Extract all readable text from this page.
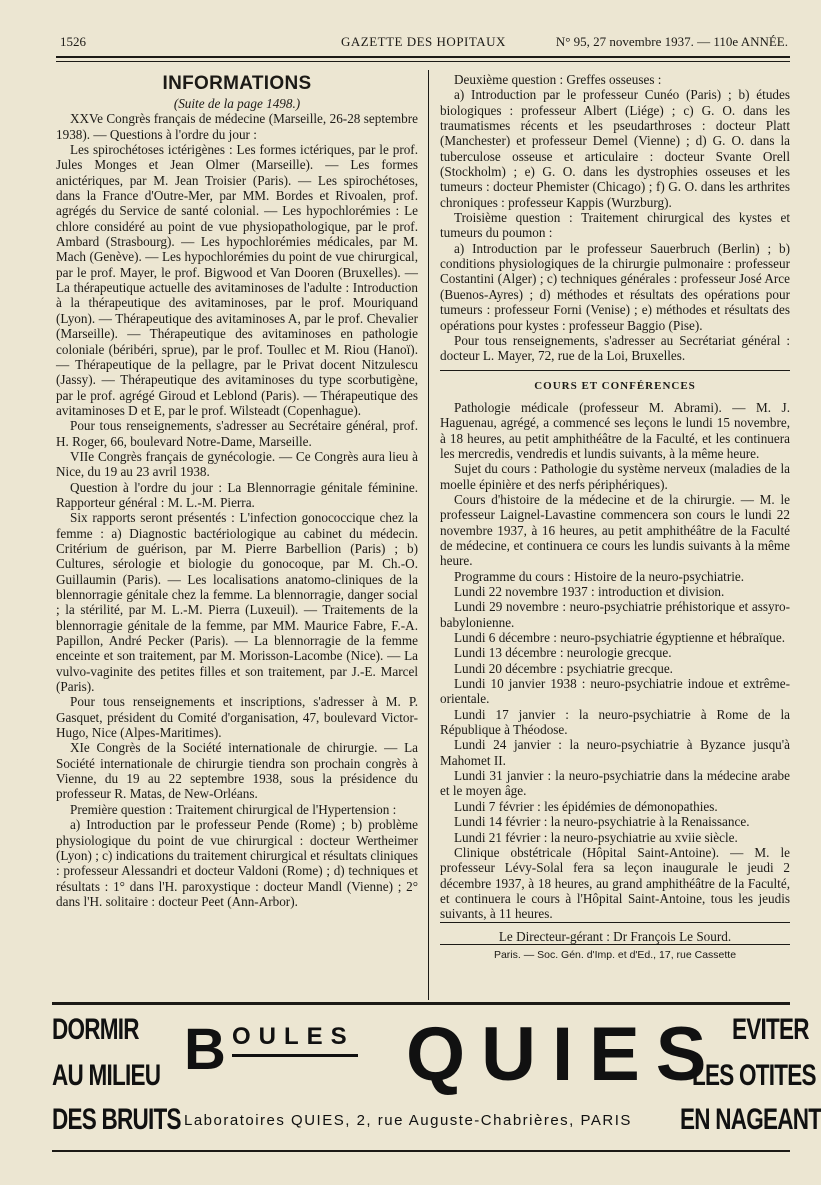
1526	GAZETTE DES HOPITAUX	N° 95, 27 novembre 1937. — 110e ANNÉE.
INFORMATIONS

(Suite de la page 1498.)

XXVe Congrès français de médecine (Marseille, 26-28 septembre 1938). — Questions à l'ordre du jour :

Les spirochétoses ictérigènes : Les formes ictériques, par le prof. Jules Monges et Jean Olmer (Marseille). — Les formes anictériques, par M. Jean Troisier (Paris). — Les spirochétoses, dans la France d'Outre-Mer, par MM. Bordes et Rivoalen, prof. agrégés du Service de santé colonial. — Les hypochlorémies : Le chlore considéré au point de vue physiopathologique, par le prof. Ambard (Strasbourg). — Les hypochlorémies médicales, par M. Mach (Genève). — Les hypochlorémies du point de vue chirurgical, par le prof. Mayer, le prof. Bigwood et Van Dooren (Bruxelles). — La thérapeutique actuelle des avitaminoses de l'adulte : Introduction à la thérapeutique des avitaminoses, par le prof. Mouriquand (Lyon). — Thérapeutique des avitaminoses A, par le prof. Chevalier (Marseille). — Thérapeutique des avitaminoses en pathologie coloniale (béribéri, sprue), par le prof. Toullec et M. Riou (Hanoï). — Thérapeutique de la pellagre, par le Privat docent Nitzulescu (Jassy). — Thérapeutique des avitaminoses du type scorbutigène, par le prof. agrégé Giroud et Leblond (Paris). — Thérapeutique des avitaminoses D et E, par le prof. Wilsteadt (Copenhague).

Pour tous renseignements, s'adresser au Secrétaire général, prof. H. Roger, 66, boulevard Notre-Dame, Marseille.

VIIe Congrès français de gynécologie. — Ce Congrès aura lieu à Nice, du 19 au 23 avril 1938.

Question à l'ordre du jour : La Blennorragie génitale féminine. Rapporteur général : M. L.-M. Pierra.

Six rapports seront présentés : L'infection gonococcique chez la femme : a) Diagnostic bactériologique au cabinet du médecin. Critérium de guérison, par M. Pierre Barbellion (Paris) ; b) Cultures, sérologie et biologie du gonocoque, par M. Ch.-O. Guillaumin (Paris). — Les localisations anatomo-cliniques de la blennorragie génitale chez la femme. La blennorragie, danger social ; la stérilité, par M. L.-M. Pierra (Luxeuil). — Traitements de la blennorragie génitale de la femme, par MM. Maurice Fabre, F.-A. Papillon, André Pecker (Paris). — La blennorragie de la femme enceinte et son traitement, par M. Morisson-Lacombe (Nice). — La vulvo-vaginite des petites filles et son traitement, par J.-E. Marcel (Paris).

Pour tous renseignements et inscriptions, s'adresser à M. P. Gasquet, président du Comité d'organisation, 47, boulevard Victor-Hugo, Nice (Alpes-Maritimes).

XIe Congrès de la Société internationale de chirurgie. — La Société internationale de chirurgie tiendra son prochain congrès à Vienne, du 19 au 22 septembre 1938, sous la présidence du professeur R. Matas, de New-Orléans.

Première question : Traitement chirurgical de l'Hypertension :

a) Introduction par le professeur Pende (Rome) ; b) problème physiologique du point de vue chirurgical : docteur Wertheimer (Lyon) ; c) indications du traitement chirurgical et résultats cliniques : professeur Alessandri et docteur Valdoni (Rome) ; d) techniques et résultats : 1° dans l'H. paroxystique : docteur Mandl (Vienne) ; 2° dans l'H. solitaire : docteur Peet (Ann-Arbor).

Deuxième question : Greffes osseuses :

a) Introduction par le professeur Cunéo (Paris) ; b) études biologiques : professeur Albert (Liége) ; c) G. O. dans les traumatismes récents et les pseudarthroses : docteur Platt (Manchester) et professeur Demel (Vienne) ; d) G. O. dans la tuberculose osseuse et articulaire : docteur Svante Orell (Stockholm) ; e) G. O. dans les dystrophies osseuses et les tumeurs : docteur Phemister (Chicago) ; f) G. O. dans les arthrites chroniques : professeur Kappis (Wurzburg).

Troisième question : Traitement chirurgical des kystes et tumeurs du poumon :

a) Introduction par le professeur Sauerbruch (Berlin) ; b) conditions physiologiques de la chirurgie pulmonaire : professeur Costantini (Alger) ; c) techniques générales : professeur José Arce (Buenos-Ayres) ; d) méthodes et résultats des opérations pour tumeurs : professeur Forni (Venise) ; e) méthodes et résultats des opérations pour kystes : professeur Baggio (Pise).

Pour tous renseignements, s'adresser au Secrétariat général : docteur L. Mayer, 72, rue de la Loi, Bruxelles.

COURS ET CONFÉRENCES

Pathologie médicale (professeur M. Abrami). — M. J. Haguenau, agrégé, a commencé ses leçons le lundi 15 novembre, à 18 heures, au petit amphithéâtre de la Faculté, et les continuera les mercredis, vendredis et lundis suivants, à la même heure.

Sujet du cours : Pathologie du système nerveux (maladies de la moelle épinière et des nerfs périphériques).

Cours d'histoire de la médecine et de la chirurgie. — M. le professeur Laignel-Lavastine commencera son cours le lundi 22 novembre 1937, à 16 heures, au petit amphithéâtre de la Faculté de médecine, et continuera ce cours les lundis suivants à la même heure.

Programme du cours : Histoire de la neuro-psychiatrie.

Lundi 22 novembre 1937 : introduction et division.

Lundi 29 novembre : neuro-psychiatrie préhistorique et assyro-babylonienne.

Lundi 6 décembre : neuro-psychiatrie égyptienne et hébraïque.

Lundi 13 décembre : neurologie grecque.

Lundi 20 décembre : psychiatrie grecque.

Lundi 10 janvier 1938 : neuro-psychiatrie indoue et extrême-orientale.

Lundi 17 janvier : la neuro-psychiatrie à Rome de la République à Théodose.

Lundi 24 janvier : la neuro-psychiatrie à Byzance jusqu'à Mahomet II.

Lundi 31 janvier : la neuro-psychiatrie dans la médecine arabe et le moyen âge.

Lundi 7 février : les épidémies de démonopathies.

Lundi 14 février : la neuro-psychiatrie à la Renaissance.

Lundi 21 février : la neuro-psychiatrie au xviie siècle.

Clinique obstétricale (Hôpital Saint-Antoine). — M. le professeur Lévy-Solal fera sa leçon inaugurale le jeudi 2 décembre 1937, à 18 heures, au grand amphithéâtre de la Faculté, et continuera le cours à l'Hôpital Saint-Antoine, tous les jeudis suivants, à 11 heures.

Le Directeur-gérant : Dr François Le Sourd.

Paris. — Soc. Gén. d'Imp. et d'Ed., 17, rue Cassette

DORMIR
AU MILIEU
DES BRUITS
B OULES QUIES EVITER
LES OTITES
EN NAGEANT
Laboratoires QUIES, 2, rue Auguste-Chabrières, PARIS
